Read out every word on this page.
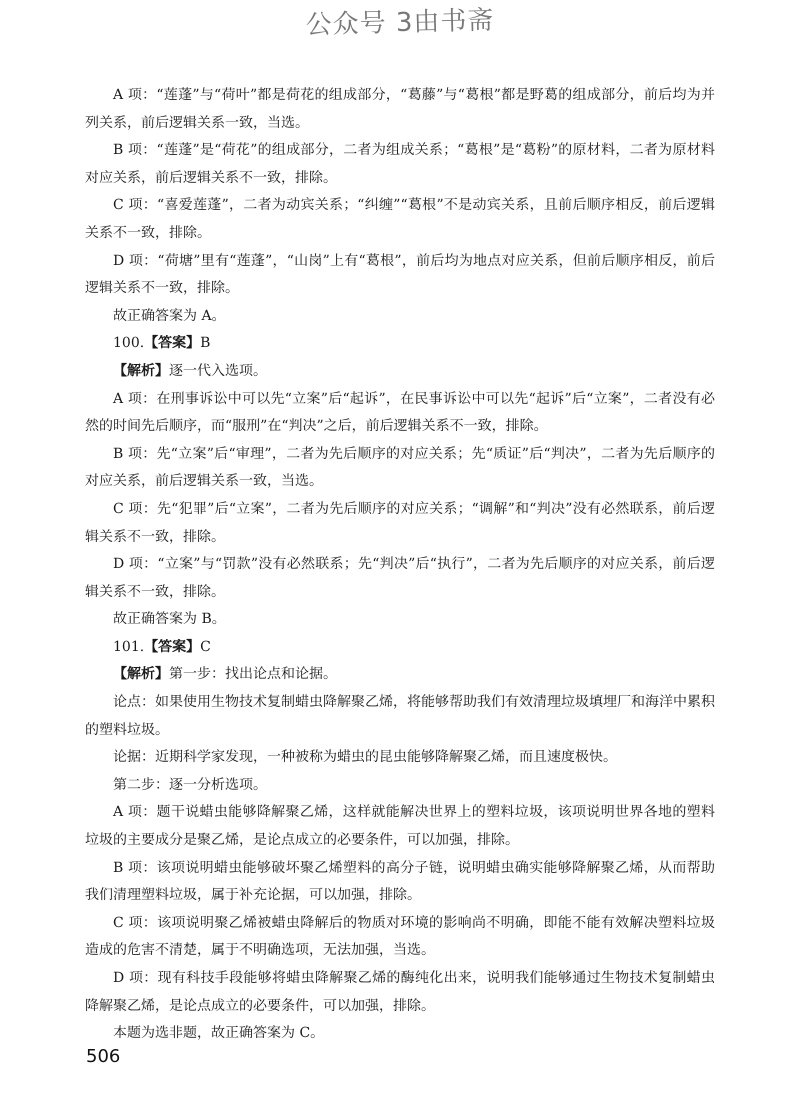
公众号 3由书斋

A 项：“莲蓬”与“荷叶”都是荷花的组成部分，“葛藤”与“葛根”都是野葛的组成部分，前后均为并列关系，前后逻辑关系一致，当选。

B 项：“莲蓬”是“荷花”的组成部分，二者为组成关系；“葛根”是“葛粉”的原材料，二者为原材料对应关系，前后逻辑关系不一致，排除。

C 项：“喜爱莲蓬”，二者为动宾关系；“纠缠”“葛根”不是动宾关系，且前后顺序相反，前后逻辑关系不一致，排除。

D 项：“荷塘”里有“莲蓬”，“山岗”上有“葛根”，前后均为地点对应关系，但前后顺序相反，前后逻辑关系不一致，排除。

故正确答案为 A。

100.【答案】B

【解析】逐一代入选项。

A 项：在刑事诉讼中可以先“立案”后“起诉”，在民事诉讼中可以先“起诉”后“立案”，二者没有必然的时间先后顺序，而“服刑”在“判决”之后，前后逻辑关系不一致，排除。

B 项：先“立案”后“审理”，二者为先后顺序的对应关系；先“质证”后“判决”，二者为先后顺序的对应关系，前后逻辑关系一致，当选。

C 项：先“犯罪”后“立案”，二者为先后顺序的对应关系；“调解”和“判决”没有必然联系，前后逻辑关系不一致，排除。

D 项：“立案”与“罚款”没有必然联系；先“判决”后“执行”，二者为先后顺序的对应关系，前后逻辑关系不一致，排除。

故正确答案为 B。

101.【答案】C

【解析】第一步：找出论点和论据。

论点：如果使用生物技术复制蜡虫降解聚乙烯，将能够帮助我们有效清理垃圾填埋厂和海洋中累积的塑料垃圾。

论据：近期科学家发现，一种被称为蜡虫的昆虫能够降解聚乙烯，而且速度极快。

第二步：逐一分析选项。

A 项：题干说蜡虫能够降解聚乙烯，这样就能解决世界上的塑料垃圾，该项说明世界各地的塑料垃圾的主要成分是聚乙烯，是论点成立的必要条件，可以加强，排除。

B 项：该项说明蜡虫能够破坏聚乙烯塑料的高分子链，说明蜡虫确实能够降解聚乙烯，从而帮助我们清理塑料垃圾，属于补充论据，可以加强，排除。

C 项：该项说明聚乙烯被蜡虫降解后的物质对环境的影响尚不明确，即能不能有效解决塑料垃圾造成的危害不清楚，属于不明确选项，无法加强，当选。

D 项：现有科技手段能够将蜡虫降解聚乙烯的酶纯化出来，说明我们能够通过生物技术复制蜡虫降解聚乙烯，是论点成立的必要条件，可以加强，排除。

本题为选非题，故正确答案为 C。

506
